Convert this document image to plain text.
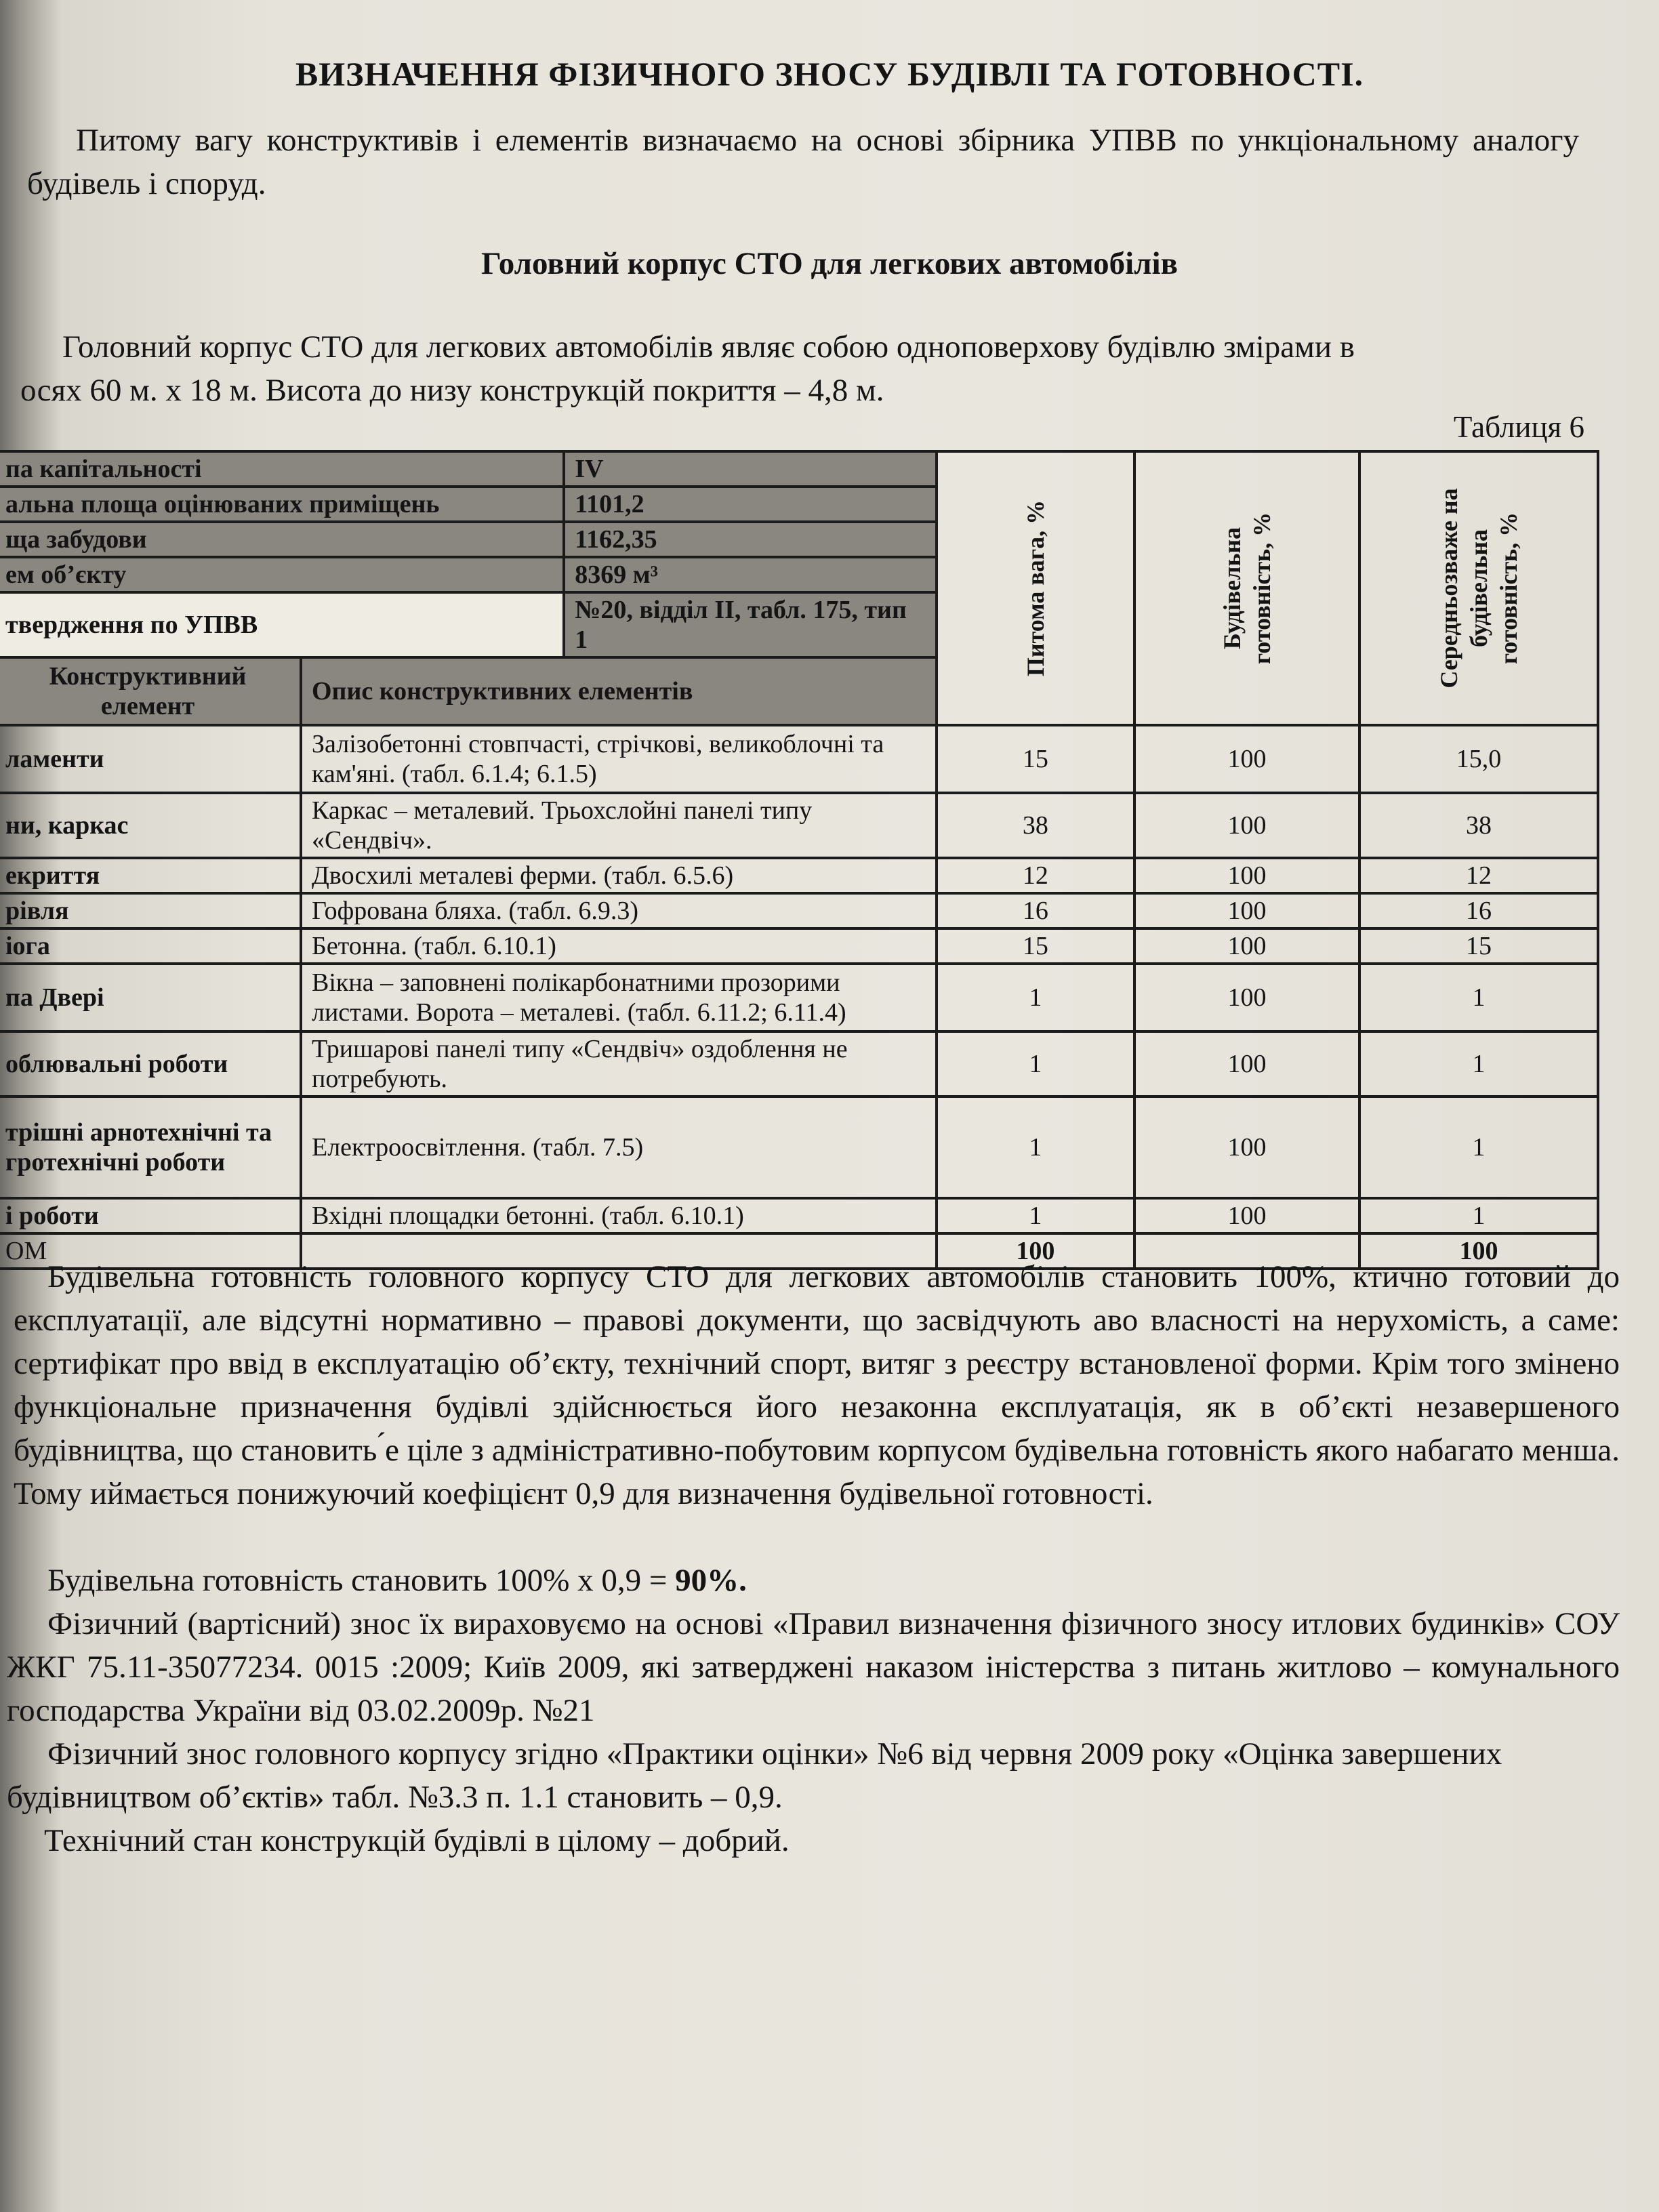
ВИЗНАЧЕННЯ ФІЗИЧНОГО ЗНОСУ БУДІВЛІ ТА ГОТОВНОСТІ.
Питому вагу конструктивів і елементів визначаємо на основі збірника УПВВ по ункціональному аналогу будівель і споруд.
Головний корпус СТО для легкових автомобілів
Головний корпус СТО для легкових автомобілів являє собою одноповерхову будівлю змірами в осях 60 м. х 18 м. Висота до низу конструкцій покриття – 4,8 м.
Таблиця 6
па капітальності		IV	Питома вага, %	Будівельна готовність, %	Середньозваже на будівельна готовність, %
альна площа оцінюваних приміщень		1101,2			
ща забудови		1162,35			
ем об’єкту		8369 м³			
твердження по УПВВ		№20, відділ II, табл. 175, тип 1			
Конструктивний елемент	Опис конструктивних елементів				
ламенти	Залізобетонні стовпчасті, стрічкові, великоблочні та кам'яні. (табл. 6.1.4; 6.1.5)		15	100	15,0
ни, каркас	Каркас – металевий. Трьохслойні панелі типу «Сендвіч».		38	100	38
екриття	Двосхилі металеві ферми. (табл. 6.5.6)		12	100	12
рівля	Гофрована бляха. (табл. 6.9.3)		16	100	16
іога	Бетонна. (табл. 6.10.1)		15	100	15
па Двері	Вікна – заповнені полікарбонатними прозорими листами. Ворота – металеві. (табл. 6.11.2; 6.11.4)		1	100	1
облювальні роботи	Тришарові панелі типу «Сендвіч» оздоблення не потребують.		1	100	1
трішні арнотехнічні та гротехнічні роботи	Електроосвітлення. (табл. 7.5)		1	100	1
і роботи	Вхідні площадки бетонні. (табл. 6.10.1)		1	100	1
ОМ			100		100
Будівельна готовність головного корпусу СТО для легкових автомобілів становить 100%, ктично готовий до експлуатації, але відсутні нормативно – правові документи, що засвідчують аво власності на нерухомість, а саме: сертифікат про ввід в експлуатацію об’єкту, технічний спорт, витяг з реєстру встановленої форми. Крім того змінено функціональне призначення будівлі здійснюється його незаконна експлуатація, як в об’єкті незавершеного будівництва, що становить ́е ціле з адміністративно-побутовим корпусом будівельна готовність якого набагато менша. Тому иймається понижуючий коефіцієнт 0,9 для визначення будівельної готовності.
Будівельна готовність становить 100% х 0,9 = 90%.
Фізичний (вартісний) знос їх вираховуємо на основі «Правил визначення фізичного зносу итлових будинків» СОУ ЖКГ 75.11-35077234. 0015 :2009; Київ 2009, які затверджені наказом іністерства з питань житлово – комунального господарства України від 03.02.2009р. №21
Фізичний знос головного корпусу згідно «Практики оцінки» №6 від червня 2009 року «Оцінка завершених будівництвом об’єктів» табл. №3.3 п. 1.1 становить – 0,9.
Технічний стан конструкцій будівлі в цілому – добрий.
